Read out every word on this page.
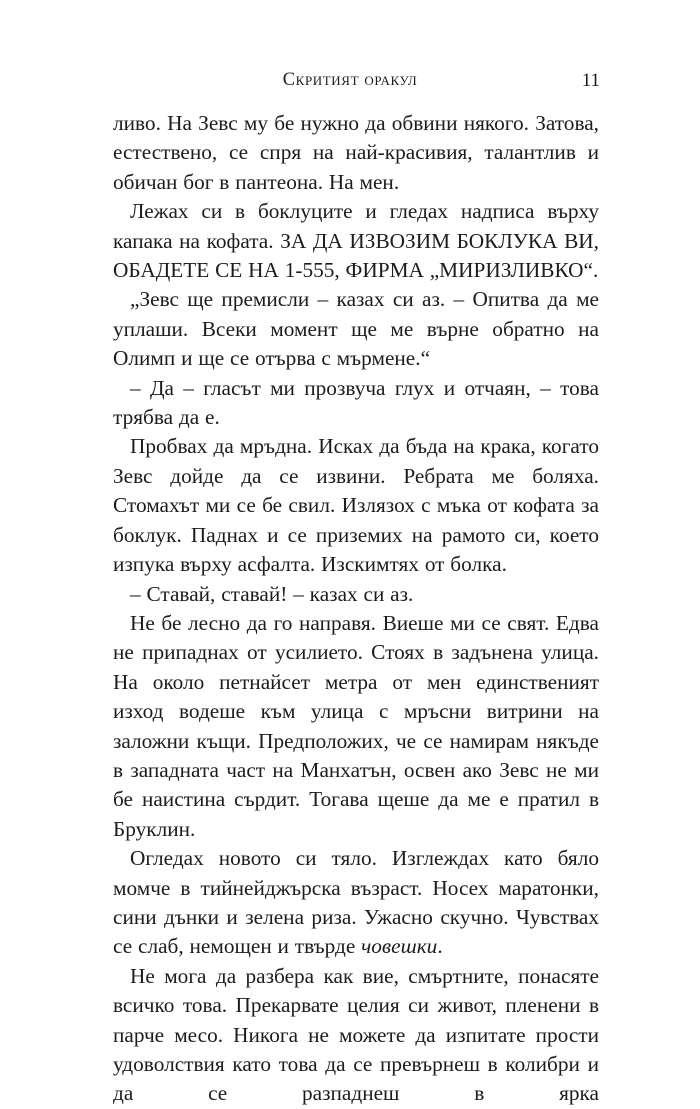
Скритият оракул	11

ливо. На Зевс му бе нужно да обвини някого. Затова, естествено, се спря на най-красивия, талантлив и обичан бог в пантеона. На мен.

Лежах си в боклуците и гледах надписа върху капака на кофата. ЗА ДА ИЗВОЗИМ БОКЛУКА ВИ, ОБАДЕТЕ СЕ НА 1-555, ФИРМА „МИРИЗЛИВКО“.

„Зевс ще премисли – казах си аз. – Опитва да ме уплаши. Всеки момент ще ме върне обратно на Олимп и ще се отърва с мърмене.“

– Да – гласът ми прозвуча глух и отчаян, – това трябва да е.

Пробвах да мръдна. Исках да бъда на крака, когато Зевс дойде да се извини. Ребрата ме боляха. Стомахът ми се бе свил. Излязох с мъка от кофата за боклук. Паднах и се приземих на рамото си, което изпука върху асфалта. Изскимтях от болка.

– Ставай, ставай! – казах си аз.

Не бе лесно да го направя. Виеше ми се свят. Едва не припаднах от усилието. Стоях в задънена улица. На около петнайсет метра от мен единственият изход водеше към улица с мръсни витрини на заложни къщи. Предположих, че се намирам някъде в западната част на Манхатън, освен ако Зевс не ми бе наистина сърдит. Тогава щеше да ме е пратил в Бруклин.

Огледах новото си тяло. Изглеждах като бяло момче в тийнейджърска възраст. Носех маратонки, сини дънки и зелена риза. Ужасно скучно. Чувствах се слаб, немощен и твърде човешки.

Не мога да разбера как вие, смъртните, понасяте всичко това. Прекарвате целия си живот, пленени в парче месо. Никога не можете да изпитате прости удоволствия като това да се превърнеш в колибри и да се разпаднеш в ярка
